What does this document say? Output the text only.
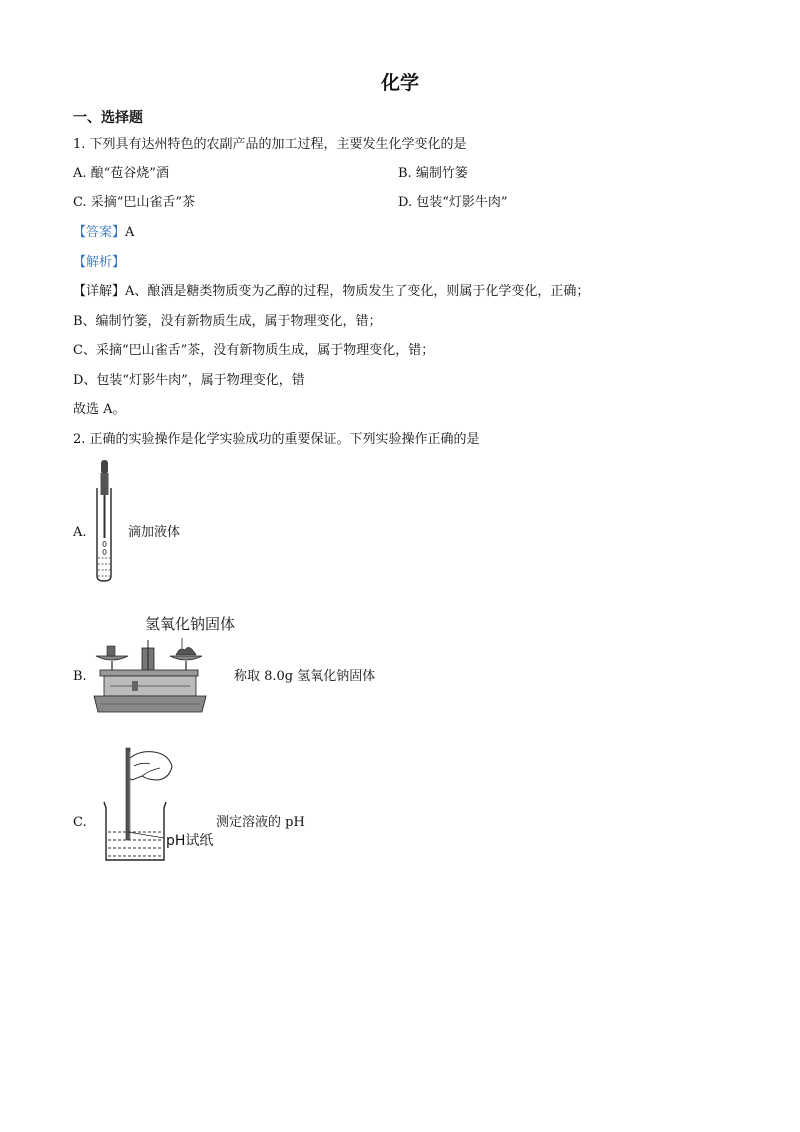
化学
一、选择题
1. 下列具有达州特色的农副产品的加工过程，主要发生化学变化的是
A. 酿“苞谷烧”酒	B. 编制竹篓
C. 采摘“巴山雀舌”茶	D. 包装“灯影牛肉”
【答案】A
【解析】
【详解】A、酿酒是糖类物质变为乙醇的过程，物质发生了变化，则属于化学变化，正确；
B、编制竹篓，没有新物质生成，属于物理变化，错；
C、采摘“巴山雀舌”茶，没有新物质生成，属于物理变化，错；
D、包装“灯影牛肉”，属于物理变化，错
故选 A。
2. 正确的实验操作是化学实验成功的重要保证。下列实验操作正确的是
A.	滴加液体
B.
氢氧化钠固体
称取 8.0g 氢氧化钠固体
C.
pH试纸
测定溶液的 pH
